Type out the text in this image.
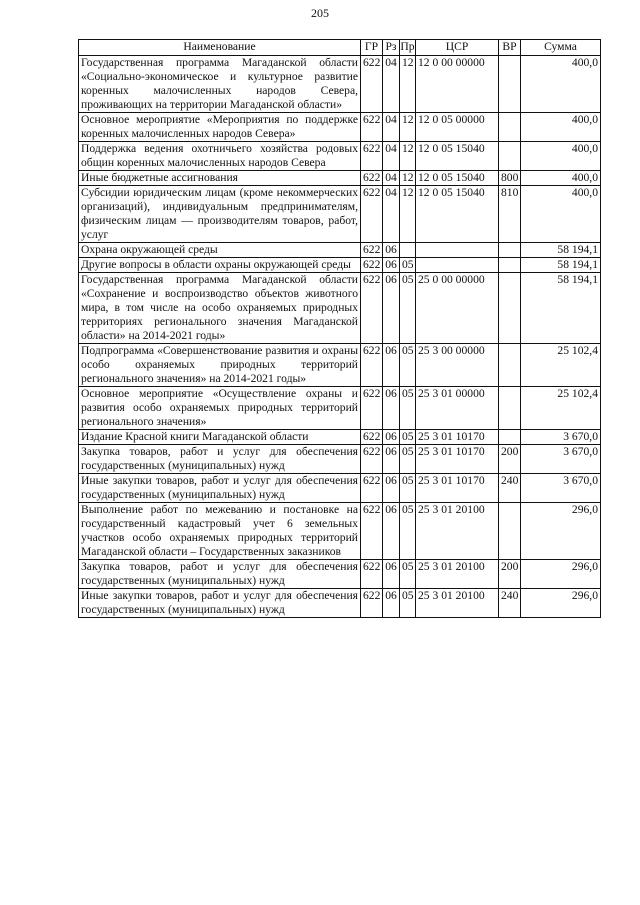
205
Наименование	ГР	Рз	Пр	ЦСР	ВР	Сумма
Государственная программа Магаданской области «Социально-экономическое и культурное развитие коренных малочисленных народов Севера, проживающих на территории Магаданской области»	622	04	12	12 0 00 00000		400,0
Основное мероприятие «Мероприятия по поддержке коренных малочисленных народов Севера»	622	04	12	12 0 05 00000		400,0
Поддержка ведения охотничьего хозяйства родовых общин коренных малочисленных народов Севера	622	04	12	12 0 05 15040		400,0
Иные бюджетные ассигнования	622	04	12	12 0 05 15040	800	400,0
Субсидии юридическим лицам (кроме некоммерческих организаций), индивидуальным предпринимателям, физическим лицам — производителям товаров, работ, услуг	622	04	12	12 0 05 15040	810	400,0
Охрана окружающей среды	622	06				58 194,1
Другие вопросы в области охраны окружающей среды	622	06	05			58 194,1
Государственная программа Магаданской области «Сохранение и воспроизводство объектов животного мира, в том числе на особо охраняемых природных территориях регионального значения Магаданской области» на 2014-2021 годы»	622	06	05	25 0 00 00000		58 194,1
Подпрограмма «Совершенствование развития и охраны особо охраняемых природных территорий регионального значения» на 2014-2021 годы»	622	06	05	25 3 00 00000		25 102,4
Основное мероприятие «Осуществление охраны и развития особо охраняемых природных территорий регионального значения»	622	06	05	25 3 01 00000		25 102,4
Издание Красной книги Магаданской области	622	06	05	25 3 01 10170		3 670,0
Закупка товаров, работ и услуг для обеспечения государственных (муниципальных) нужд	622	06	05	25 3 01 10170	200	3 670,0
Иные закупки товаров, работ и услуг для обеспечения государственных (муниципальных) нужд	622	06	05	25 3 01 10170	240	3 670,0
Выполнение работ по межеванию и постановке на государственный кадастровый учет 6 земельных участков особо охраняемых природных территорий Магаданской области – Государственных заказников	622	06	05	25 3 01 20100		296,0
Закупка товаров, работ и услуг для обеспечения государственных (муниципальных) нужд	622	06	05	25 3 01 20100	200	296,0
Иные закупки товаров, работ и услуг для обеспечения государственных (муниципальных) нужд	622	06	05	25 3 01 20100	240	296,0
